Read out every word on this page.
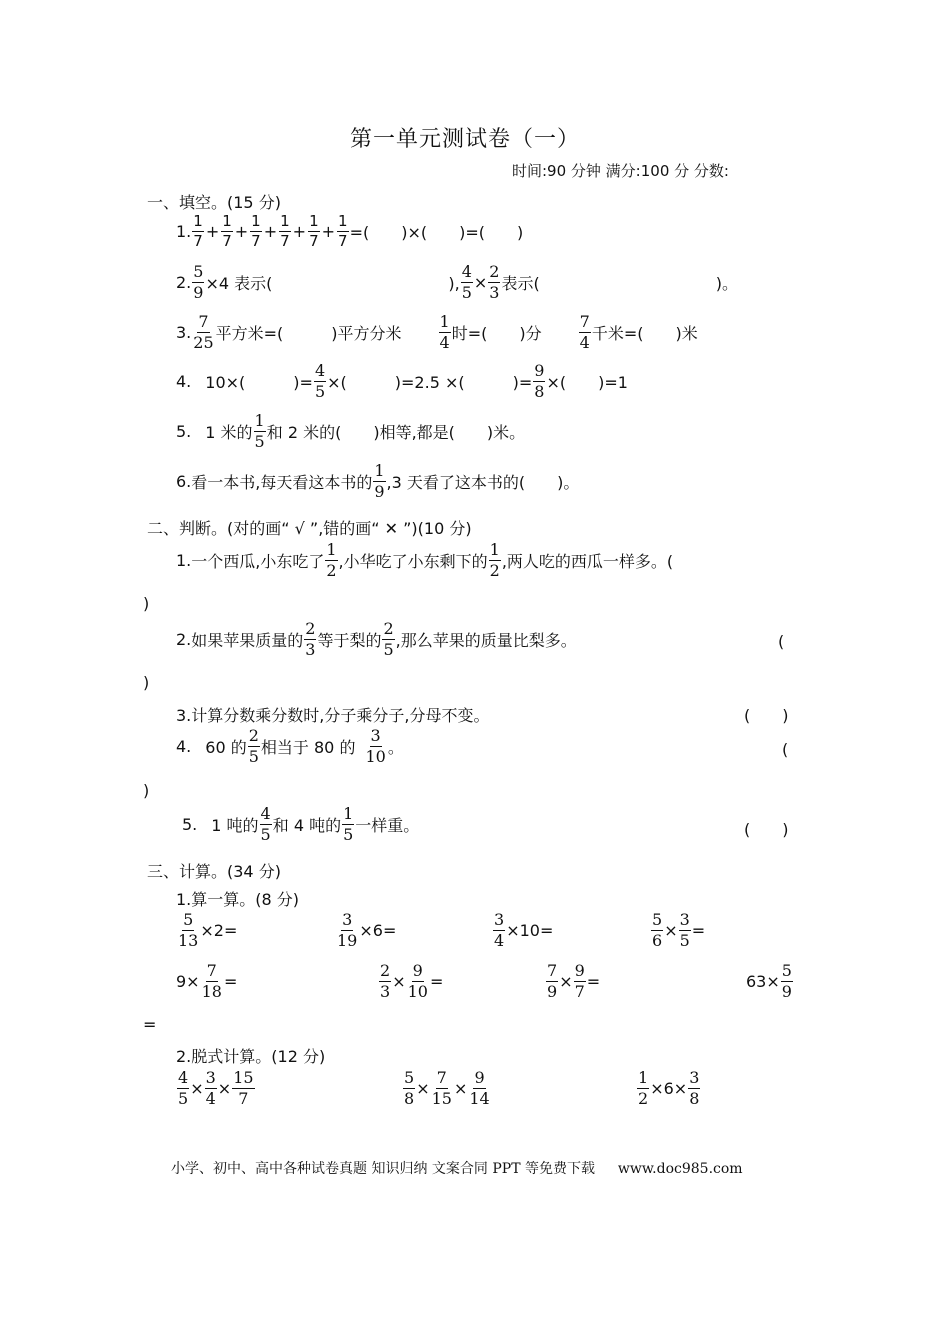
第一单元测试卷（一）
时间:90 分钟 满分:100 分 分数:
一、填空。(15 分)
1. $\frac{1}{7} + \frac{1}{7} + \frac{1}{7} + \frac{1}{7} + \frac{1}{7} + \frac{1}{7}$ =(　　)×(　　)=(　　)
2. $\frac{5}{9} \times 4$ 表示(　　　　　　　　　　　), $\frac{4}{5} \times \frac{2}{3}$ 表示(　　　　　　　　　　　)。
3. $\frac{7}{25}$ 平方米=(　　　)平方分米 $\frac{1}{4}$ 时=(　　)分 $\frac{7}{4}$ 千米=(　　)米
4. 10×(　　　)= $\frac{4}{5}$ ×(　　　)=2.5 ×(　　　)= $\frac{9}{8}$ ×(　　)=1
5. 1 米的 $\frac{1}{5}$ 和 2 米的(　　)相等,都是(　　)米。
6. 看一本书,每天看这本书的 $\frac{1}{9} ,3$ 天看了这本书的(　　)。
二、判断。(对的画“ √ ”,错的画“ ✕ ”)(10 分)
1. 一个西瓜,小东吃了 $\frac{1}{2}$ ,小华吃了小东剩下的 $\frac{1}{2}$ ,两人吃的西瓜一样多。(
)
2. 如果苹果质量的 $\frac{2}{3}$ 等于梨的 $\frac{2}{5}$ ,那么苹果的质量比梨多。	(
)
3.计算分数乘分数时,分子乘分子,分母不变。	(　　)
4. 60 的 $\frac{2}{5}$ 相当于 80 的 $\frac{3}{10}$ 。	(
)
5. 1 吨的 $\frac{4}{5}$ 和 4 吨的 $\frac{1}{5}$ 一样重。	(　　)
三、计算。(34 分)
1.算一算。(8 分)
$\frac{5}{13} \times 2=$	$\frac{3}{19} \times 6=$	$\frac{3}{4} \times 10=$	$\frac{5}{6} \times \frac{3}{5}$ =
$9\times \frac{7}{18}$ =	$\frac{2}{3} \times \frac{9}{10}$ =	$\frac{7}{9} \times \frac{9}{7}$ =	$63\times \frac{5}{9}$
=
2.脱式计算。(12 分)
$\frac{4}{5} \times \frac{3}{4} \times \frac{15}{7}$	$\frac{5}{8} \times \frac{7}{15} \times \frac{9}{14}$	$\frac{1}{2} \times 6\times \frac{3}{8}$
小学、初中、高中各种试卷真题 知识归纳 文案合同 PPT 等免费下载 www.doc985.com
